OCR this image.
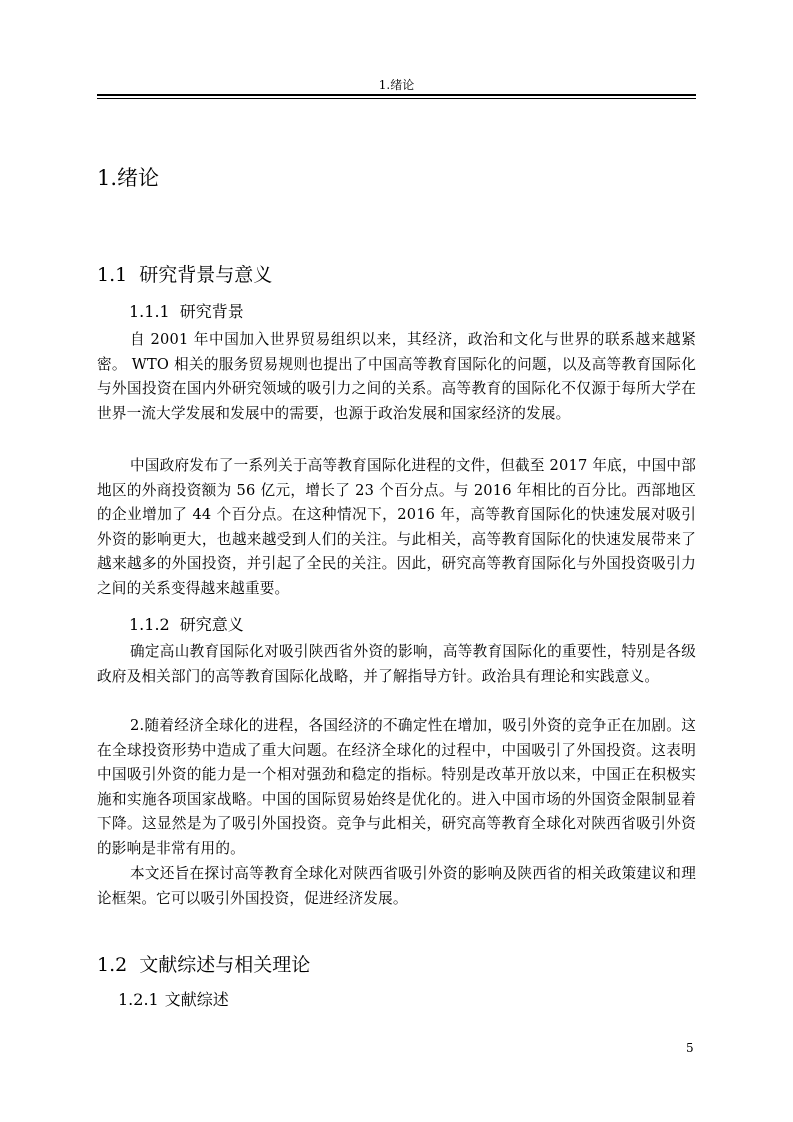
1.绪论
1.绪论
1.1 研究背景与意义
1.1.1 研究背景
自 2001 年中国加入世界贸易组织以来，其经济，政治和文化与世界的联系越来越紧密。 WTO 相关的服务贸易规则也提出了中国高等教育国际化的问题，以及高等教育国际化与外国投资在国内外研究领域的吸引力之间的关系。高等教育的国际化不仅源于每所大学在世界一流大学发展和发展中的需要，也源于政治发展和国家经济的发展。
中国政府发布了一系列关于高等教育国际化进程的文件，但截至 2017 年底，中国中部地区的外商投资额为 56 亿元，增长了 23 个百分点。与 2016 年相比的百分比。西部地区的企业增加了 44 个百分点。在这种情况下，2016 年，高等教育国际化的快速发展对吸引外资的影响更大，也越来越受到人们的关注。与此相关，高等教育国际化的快速发展带来了越来越多的外国投资，并引起了全民的关注。因此，研究高等教育国际化与外国投资吸引力之间的关系变得越来越重要。
1.1.2 研究意义
确定高山教育国际化对吸引陕西省外资的影响，高等教育国际化的重要性，特别是各级政府及相关部门的高等教育国际化战略，并了解指导方针。政治具有理论和实践意义。
2.随着经济全球化的进程，各国经济的不确定性在增加，吸引外资的竞争正在加剧。这在全球投资形势中造成了重大问题。在经济全球化的过程中，中国吸引了外国投资。这表明中国吸引外资的能力是一个相对强劲和稳定的指标。特别是改革开放以来，中国正在积极实施和实施各项国家战略。中国的国际贸易始终是优化的。进入中国市场的外国资金限制显着下降。这显然是为了吸引外国投资。竞争与此相关，研究高等教育全球化对陕西省吸引外资的影响是非常有用的。
本文还旨在探讨高等教育全球化对陕西省吸引外资的影响及陕西省的相关政策建议和理论框架。它可以吸引外国投资，促进经济发展。
1.2 文献综述与相关理论
1.2.1 文献综述
5
